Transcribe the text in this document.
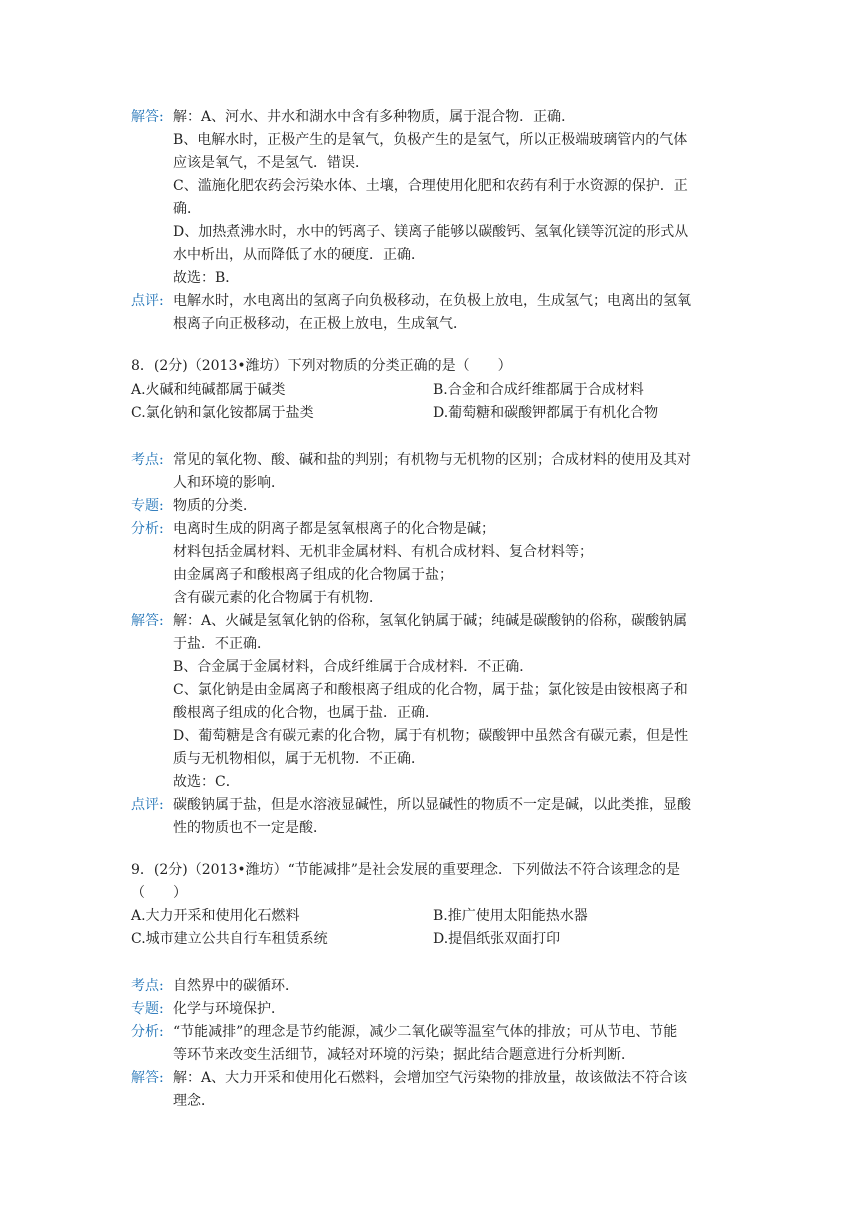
解答: 解：A、河水、井水和湖水中含有多种物质，属于混合物．正确．
B、电解水时，正极产生的是氧气，负极产生的是氢气，所以正极端玻璃管内的气体
应该是氧气，不是氢气．错误．
C、滥施化肥农药会污染水体、土壤，合理使用化肥和农药有利于水资源的保护．正
确．
D、加热煮沸水时，水中的钙离子、镁离子能够以碳酸钙、氢氧化镁等沉淀的形式从
水中析出，从而降低了水的硬度．正确．
故选：B．
点评: 电解水时，水电离出的氢离子向负极移动，在负极上放电，生成氢气；电离出的氢氧
根离子向正极移动，在正极上放电，生成氧气．
8．(2分)（2013•潍坊）下列对物质的分类正确的是（　　）
A.火碱和纯碱都属于碱类	B.合金和合成纤维都属于合成材料
C.氯化钠和氯化铵都属于盐类	D.葡萄糖和碳酸钾都属于有机化合物
考点: 常见的氧化物、酸、碱和盐的判别；有机物与无机物的区别；合成材料的使用及其对
人和环境的影响．
专题: 物质的分类．
分析: 电离时生成的阴离子都是氢氧根离子的化合物是碱；
材料包括金属材料、无机非金属材料、有机合成材料、复合材料等；
由金属离子和酸根离子组成的化合物属于盐；
含有碳元素的化合物属于有机物．
解答: 解：A、火碱是氢氧化钠的俗称，氢氧化钠属于碱；纯碱是碳酸钠的俗称，碳酸钠属
于盐．不正确．
B、合金属于金属材料，合成纤维属于合成材料．不正确．
C、氯化钠是由金属离子和酸根离子组成的化合物，属于盐；氯化铵是由铵根离子和
酸根离子组成的化合物，也属于盐．正确．
D、葡萄糖是含有碳元素的化合物，属于有机物；碳酸钾中虽然含有碳元素，但是性
质与无机物相似，属于无机物．不正确．
故选：C．
点评: 碳酸钠属于盐，但是水溶液显碱性，所以显碱性的物质不一定是碱，以此类推，显酸
性的物质也不一定是酸．
9．(2分)（2013•潍坊）“节能减排”是社会发展的重要理念．下列做法不符合该理念的是
（　　）
A.大力开采和使用化石燃料	B.推广使用太阳能热水器
C.城市建立公共自行车租赁系统	D.提倡纸张双面打印
考点: 自然界中的碳循环．
专题: 化学与环境保护．
分析: “节能减排”的理念是节约能源，减少二氧化碳等温室气体的排放；可从节电、节能
等环节来改变生活细节，减轻对环境的污染；据此结合题意进行分析判断．
解答: 解：A、大力开采和使用化石燃料，会增加空气污染物的排放量，故该做法不符合该
理念．
